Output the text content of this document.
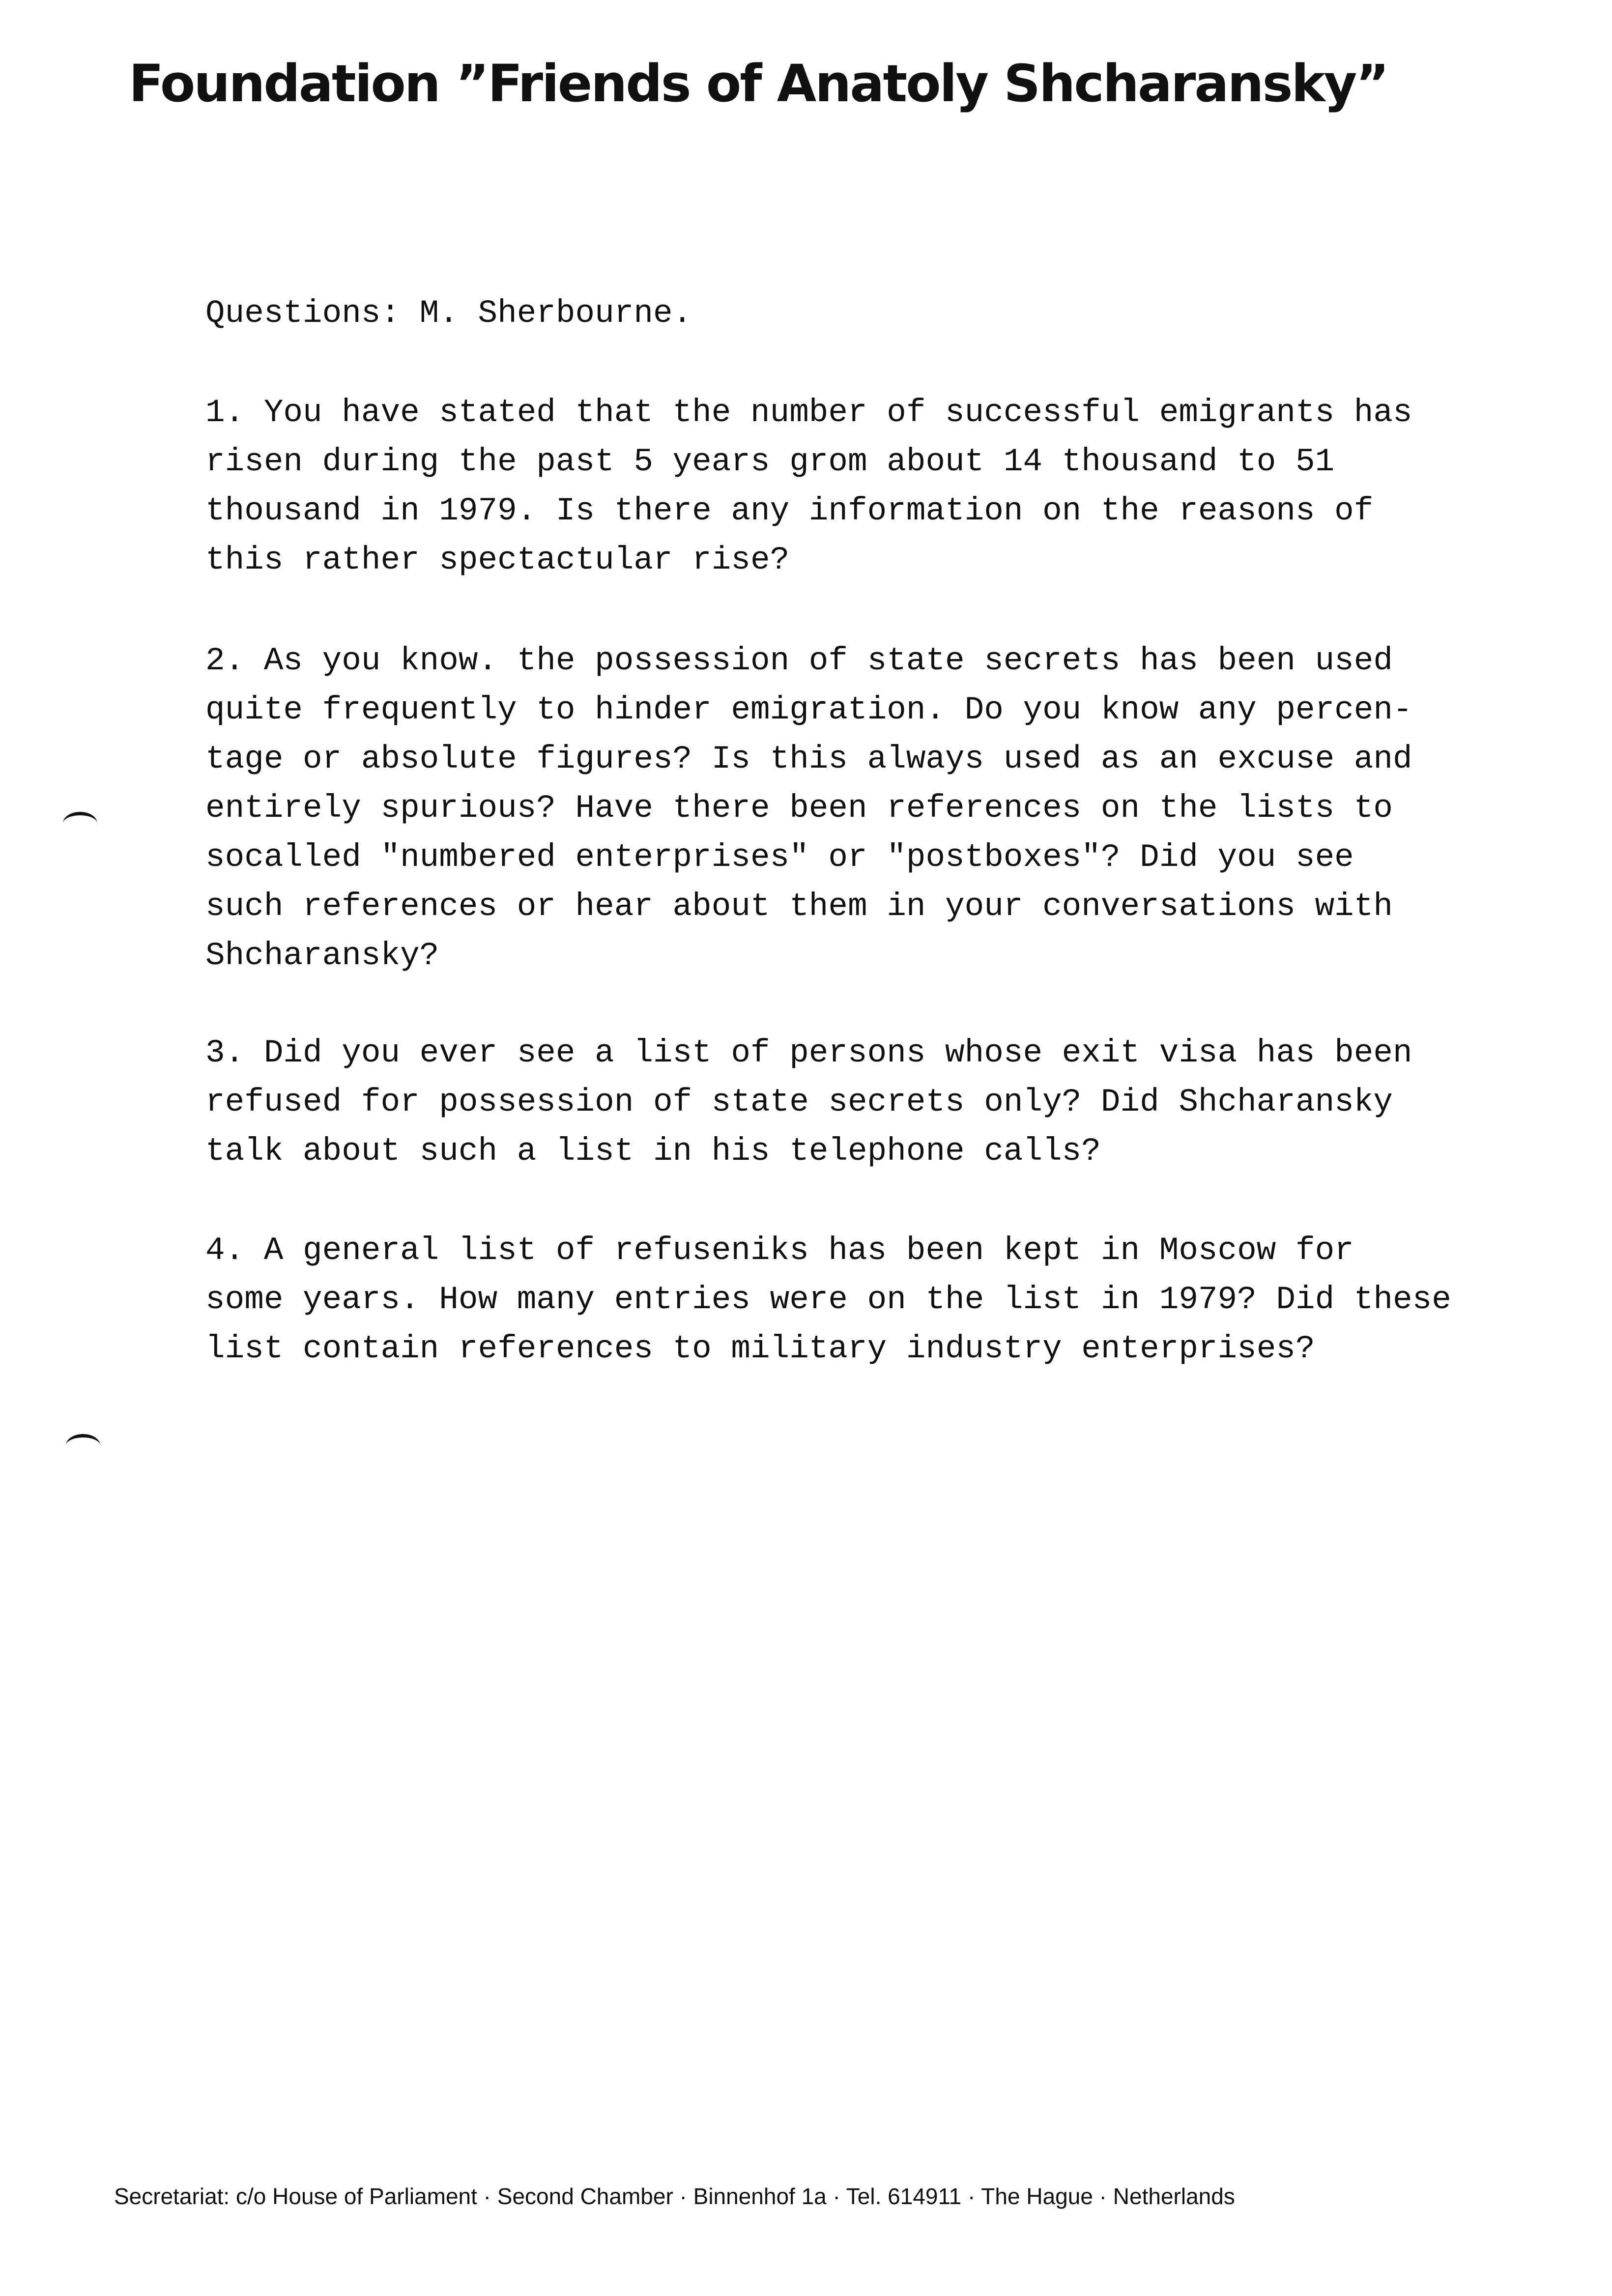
Foundation ”Friends of Anatoly Shcharansky”

Questions: M. Sherbourne.

1. You have stated that the number of successful emigrants has
risen during the past 5 years grom about 14 thousand to 51
thousand in 1979. Is there any information on the reasons of
this rather spectactular rise?

2. As you know. the possession of state secrets has been used
quite frequently to hinder emigration. Do you know any percen-
tage or absolute figures? Is this always used as an excuse and
entirely spurious? Have there been references on the lists to
socalled "numbered enterprises" or "postboxes"? Did you see
such references or hear about them in your conversations with
Shcharansky?

3. Did you ever see a list of persons whose exit visa has been
refused for possession of state secrets only? Did Shcharansky
talk about such a list in his telephone calls?

4. A general list of refuseniks has been kept in Moscow for
some years. How many entries were on the list in 1979? Did these
list contain references to military industry enterprises?

Secretariat: c/o House of Parliament · Second Chamber · Binnenhof 1a · Tel. 614911 · The Hague · Netherlands
